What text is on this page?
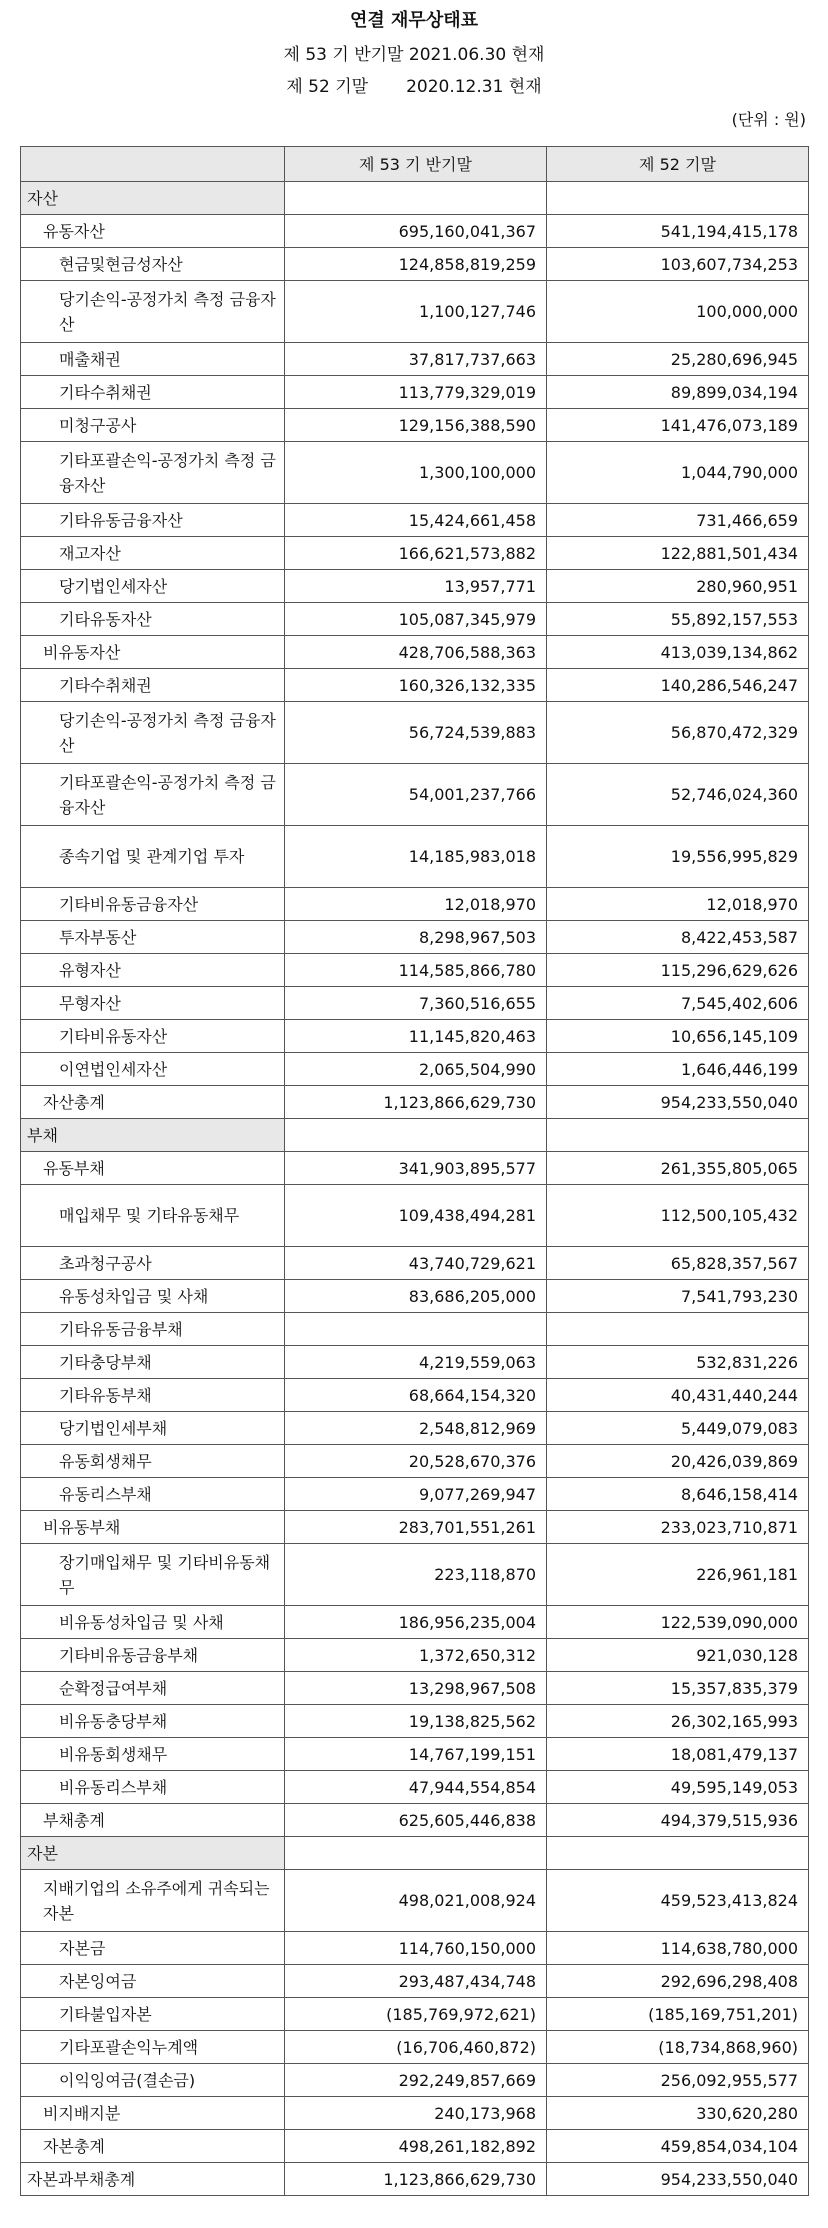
연결 재무상태표
제 53 기 반기말 2021.06.30 현재
제 52 기말 2020.12.31 현재
(단위 : 원)
	제 53 기 반기말	제 52 기말
자산		
유동자산	695,160,041,367	541,194,415,178
현금및현금성자산	124,858,819,259	103,607,734,253
당기손익-공정가치 측정 금융자산	1,100,127,746	100,000,000
매출채권	37,817,737,663	25,280,696,945
기타수취채권	113,779,329,019	89,899,034,194
미청구공사	129,156,388,590	141,476,073,189
기타포괄손익-공정가치 측정 금융자산	1,300,100,000	1,044,790,000
기타유동금융자산	15,424,661,458	731,466,659
재고자산	166,621,573,882	122,881,501,434
당기법인세자산	13,957,771	280,960,951
기타유동자산	105,087,345,979	55,892,157,553
비유동자산	428,706,588,363	413,039,134,862
기타수취채권	160,326,132,335	140,286,546,247
당기손익-공정가치 측정 금융자산	56,724,539,883	56,870,472,329
기타포괄손익-공정가치 측정 금융자산	54,001,237,766	52,746,024,360
종속기업 및 관계기업 투자	14,185,983,018	19,556,995,829
기타비유동금융자산	12,018,970	12,018,970
투자부동산	8,298,967,503	8,422,453,587
유형자산	114,585,866,780	115,296,629,626
무형자산	7,360,516,655	7,545,402,606
기타비유동자산	11,145,820,463	10,656,145,109
이연법인세자산	2,065,504,990	1,646,446,199
자산총계	1,123,866,629,730	954,233,550,040
부채		
유동부채	341,903,895,577	261,355,805,065
매입채무 및 기타유동채무	109,438,494,281	112,500,105,432
초과청구공사	43,740,729,621	65,828,357,567
유동성차입금 및 사채	83,686,205,000	7,541,793,230
기타유동금융부채		
기타충당부채	4,219,559,063	532,831,226
기타유동부채	68,664,154,320	40,431,440,244
당기법인세부채	2,548,812,969	5,449,079,083
유동회생채무	20,528,670,376	20,426,039,869
유동리스부채	9,077,269,947	8,646,158,414
비유동부채	283,701,551,261	233,023,710,871
장기매입채무 및 기타비유동채무	223,118,870	226,961,181
비유동성차입금 및 사채	186,956,235,004	122,539,090,000
기타비유동금융부채	1,372,650,312	921,030,128
순확정급여부채	13,298,967,508	15,357,835,379
비유동충당부채	19,138,825,562	26,302,165,993
비유동회생채무	14,767,199,151	18,081,479,137
비유동리스부채	47,944,554,854	49,595,149,053
부채총계	625,605,446,838	494,379,515,936
자본		
지배기업의 소유주에게 귀속되는 자본	498,021,008,924	459,523,413,824
자본금	114,760,150,000	114,638,780,000
자본잉여금	293,487,434,748	292,696,298,408
기타불입자본	(185,769,972,621)	(185,169,751,201)
기타포괄손익누계액	(16,706,460,872)	(18,734,868,960)
이익잉여금(결손금)	292,249,857,669	256,092,955,577
비지배지분	240,173,968	330,620,280
자본총계	498,261,182,892	459,854,034,104
자본과부채총계	1,123,866,629,730	954,233,550,040
